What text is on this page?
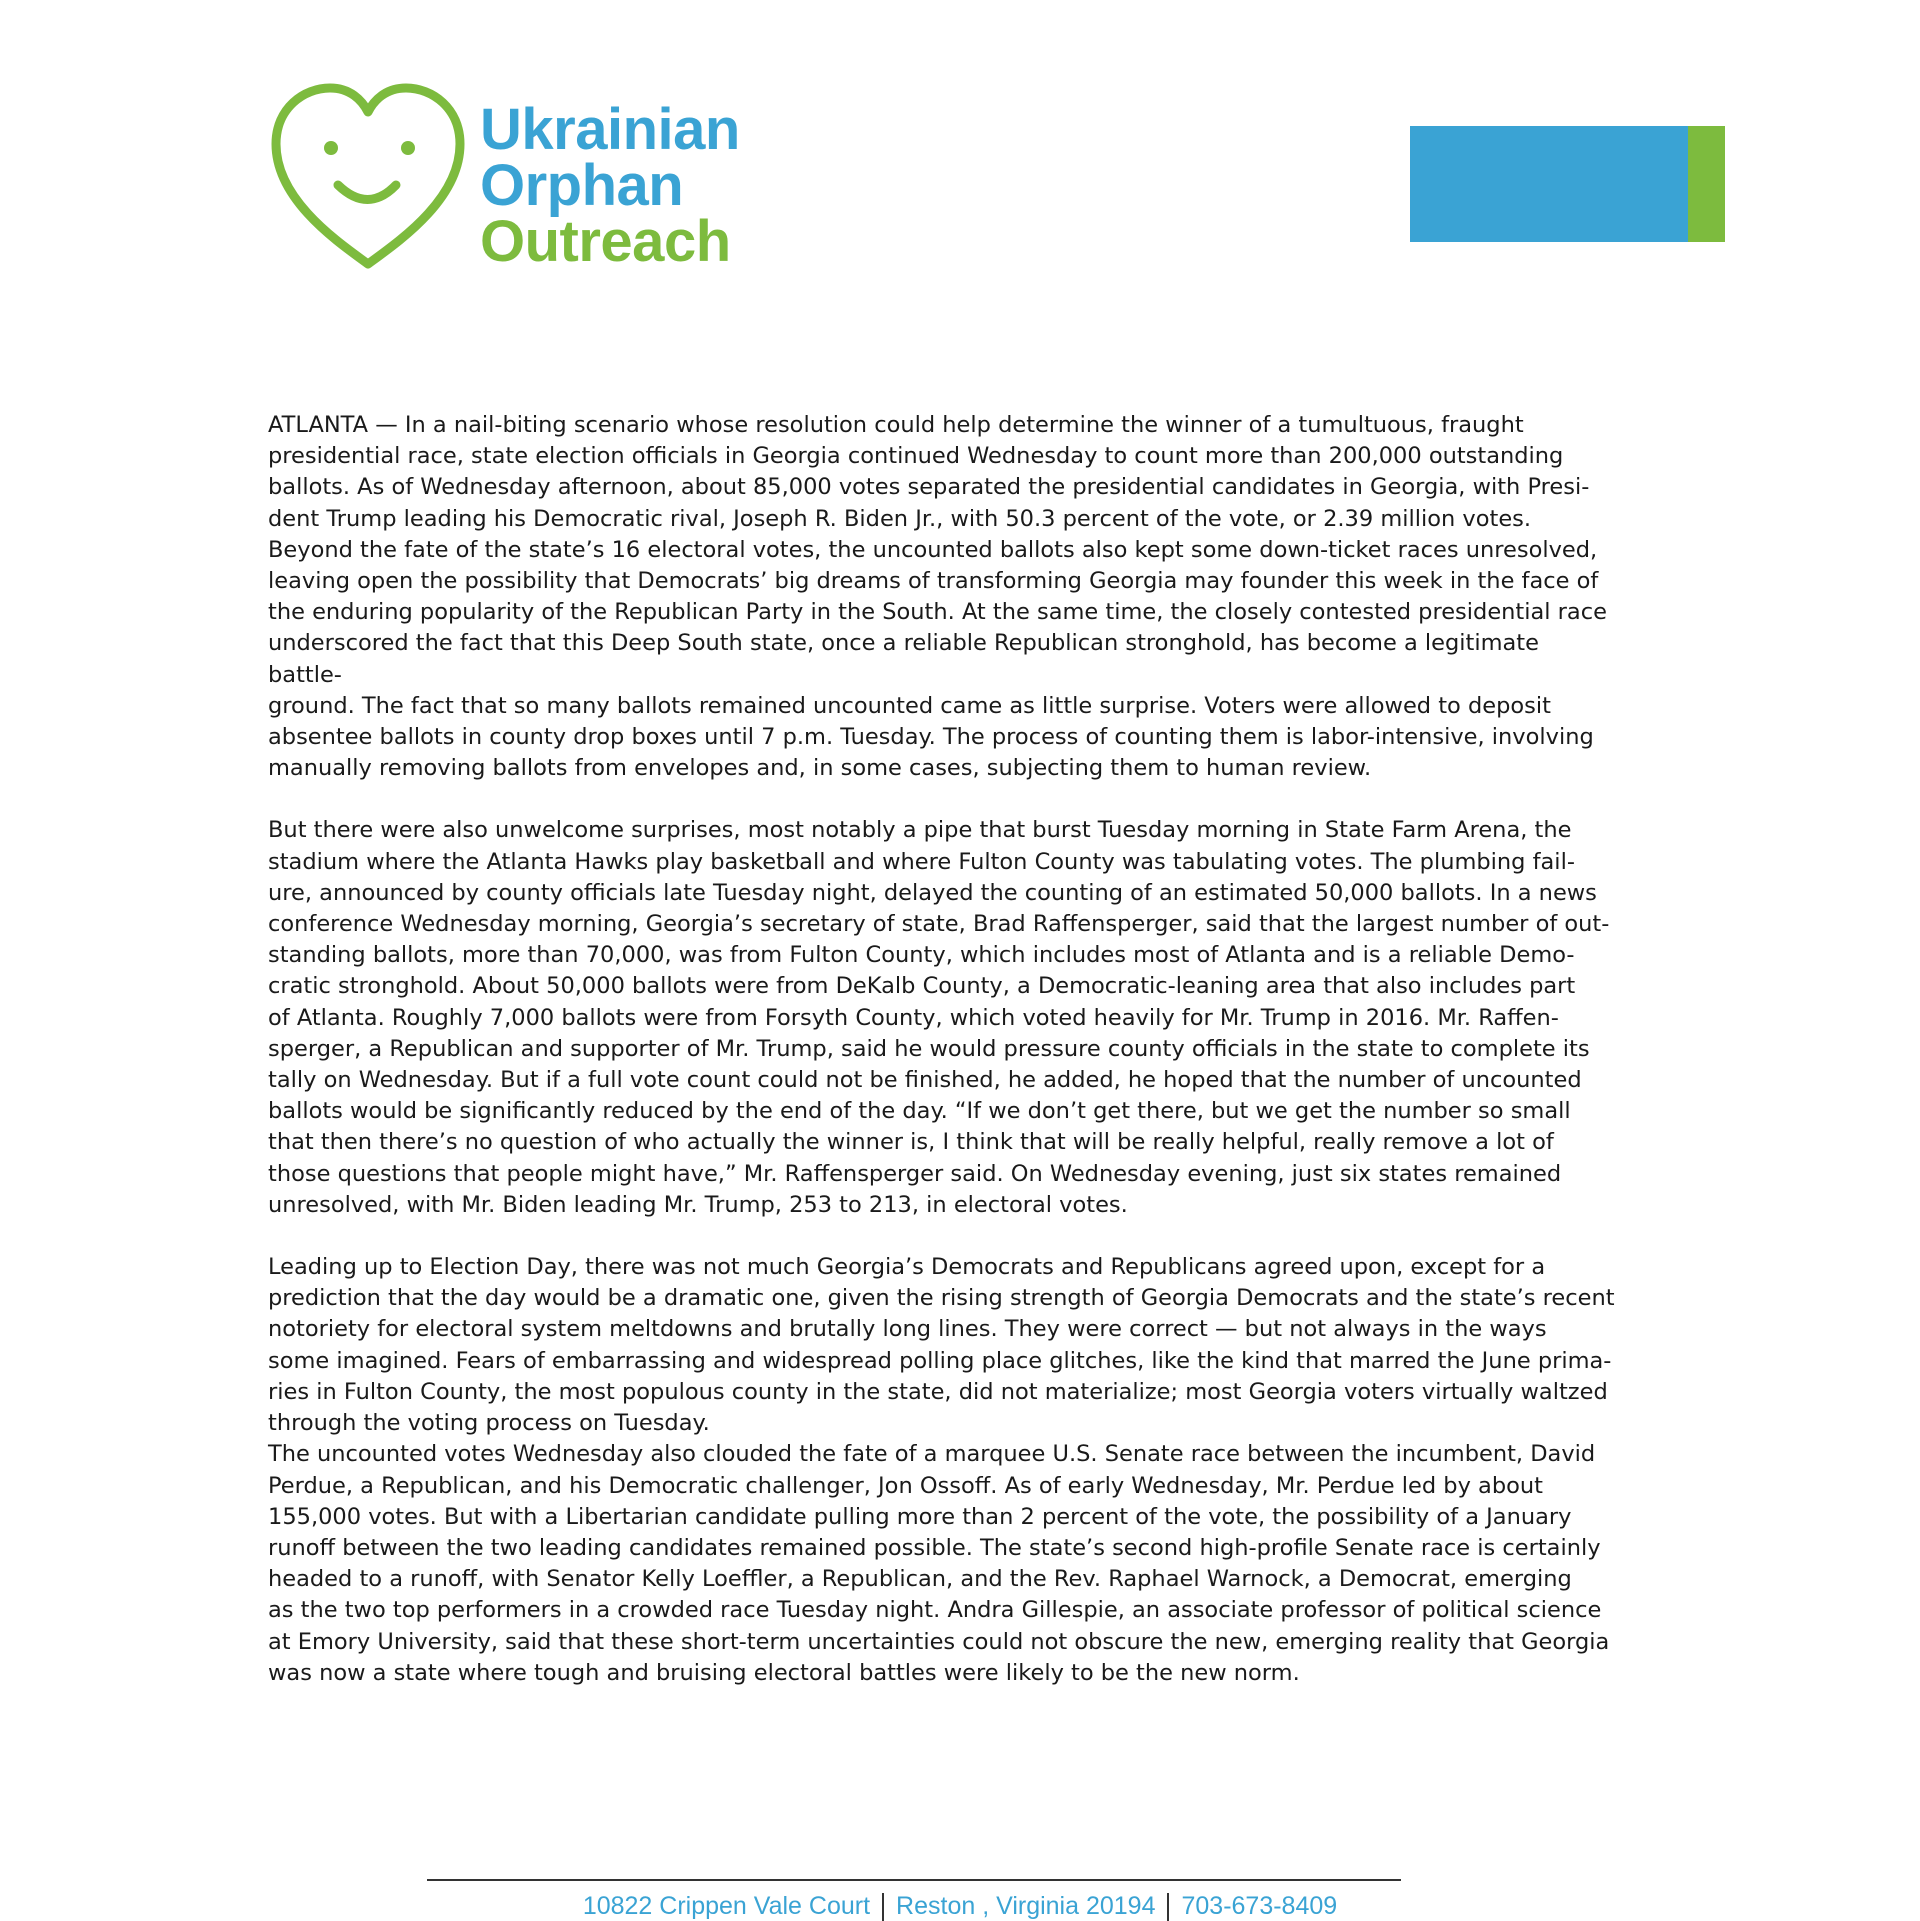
Ukrainian
Orphan
Outreach

ATLANTA — In a nail-biting scenario whose resolution could help determine the winner of a tumultuous, fraught
presidential race, state election officials in Georgia continued Wednesday to count more than 200,000 outstanding
ballots. As of Wednesday afternoon, about 85,000 votes separated the presidential candidates in Georgia, with Presi-
dent Trump leading his Democratic rival, Joseph R. Biden Jr., with 50.3 percent of the vote, or 2.39 million votes.
Beyond the fate of the state’s 16 electoral votes, the uncounted ballots also kept some down-ticket races unresolved,
leaving open the possibility that Democrats’ big dreams of transforming Georgia may founder this week in the face of
the enduring popularity of the Republican Party in the South. At the same time, the closely contested presidential race
underscored the fact that this Deep South state, once a reliable Republican stronghold, has become a legitimate battle-
ground. The fact that so many ballots remained uncounted came as little surprise. Voters were allowed to deposit
absentee ballots in county drop boxes until 7 p.m. Tuesday. The process of counting them is labor-intensive, involving
manually removing ballots from envelopes and, in some cases, subjecting them to human review.

But there were also unwelcome surprises, most notably a pipe that burst Tuesday morning in State Farm Arena, the
stadium where the Atlanta Hawks play basketball and where Fulton County was tabulating votes. The plumbing fail-
ure, announced by county officials late Tuesday night, delayed the counting of an estimated 50,000 ballots. In a news
conference Wednesday morning, Georgia’s secretary of state, Brad Raffensperger, said that the largest number of out-
standing ballots, more than 70,000, was from Fulton County, which includes most of Atlanta and is a reliable Demo-
cratic stronghold. About 50,000 ballots were from DeKalb County, a Democratic-leaning area that also includes part
of Atlanta. Roughly 7,000 ballots were from Forsyth County, which voted heavily for Mr. Trump in 2016. Mr. Raffen-
sperger, a Republican and supporter of Mr. Trump, said he would pressure county officials in the state to complete its
tally on Wednesday. But if a full vote count could not be finished, he added, he hoped that the number of uncounted
ballots would be significantly reduced by the end of the day. “If we don’t get there, but we get the number so small
that then there’s no question of who actually the winner is, I think that will be really helpful, really remove a lot of
those questions that people might have,” Mr. Raffensperger said. On Wednesday evening, just six states remained
unresolved, with Mr. Biden leading Mr. Trump, 253 to 213, in electoral votes.

Leading up to Election Day, there was not much Georgia’s Democrats and Republicans agreed upon, except for a
prediction that the day would be a dramatic one, given the rising strength of Georgia Democrats and the state’s recent
notoriety for electoral system meltdowns and brutally long lines. They were correct — but not always in the ways
some imagined. Fears of embarrassing and widespread polling place glitches, like the kind that marred the June prima-
ries in Fulton County, the most populous county in the state, did not materialize; most Georgia voters virtually waltzed
through the voting process on Tuesday.

The uncounted votes Wednesday also clouded the fate of a marquee U.S. Senate race between the incumbent, David
Perdue, a Republican, and his Democratic challenger, Jon Ossoff. As of early Wednesday, Mr. Perdue led by about
155,000 votes. But with a Libertarian candidate pulling more than 2 percent of the vote, the possibility of a January
runoff between the two leading candidates remained possible. The state’s second high-profile Senate race is certainly
headed to a runoff, with Senator Kelly Loeffler, a Republican, and the Rev. Raphael Warnock, a Democrat, emerging
as the two top performers in a crowded race Tuesday night. Andra Gillespie, an associate professor of political science
at Emory University, said that these short-term uncertainties could not obscure the new, emerging reality that Georgia
was now a state where tough and bruising electoral battles were likely to be the new norm.

10822 Crippen Vale Court Reston , Virginia 20194 703-673-8409
